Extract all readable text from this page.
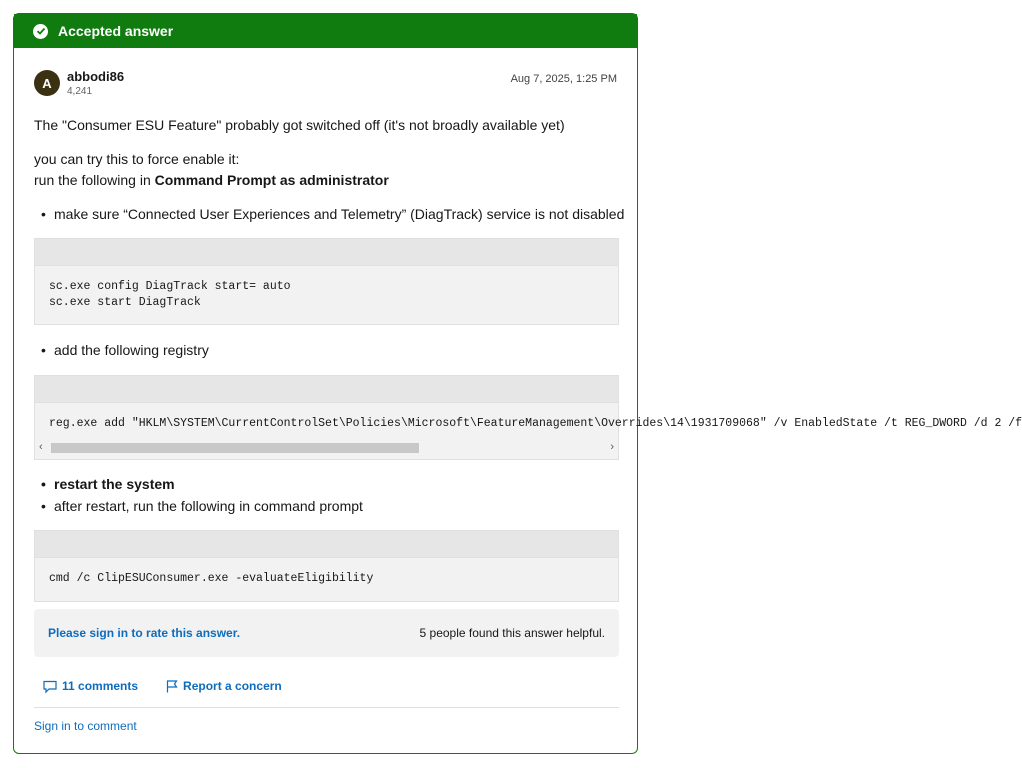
Accepted answer
A	abbodi86
4,241
Aug 7, 2025, 1:25 PM
The "Consumer ESU Feature" probably got switched off (it's not broadly available yet)
you can try this to force enable it:
run the following in Command Prompt as administrator
• make sure “Connected User Experiences and Telemetry” (DiagTrack) service is not disabled
sc.exe config DiagTrack start= auto
sc.exe start DiagTrack
• add the following registry
reg.exe add "HKLM\SYSTEM\CurrentControlSet\Policies\Microsoft\FeatureManagement\Overrides\14\1931709068" /v EnabledState /t REG_DWORD /d 2 /f
‹	›
• restart the system
• after restart, run the following in command prompt
cmd /c ClipESUConsumer.exe -evaluateEligibility
Please sign in to rate this answer.	5 people found this answer helpful.
11 comments	Report a concern
Sign in to comment
